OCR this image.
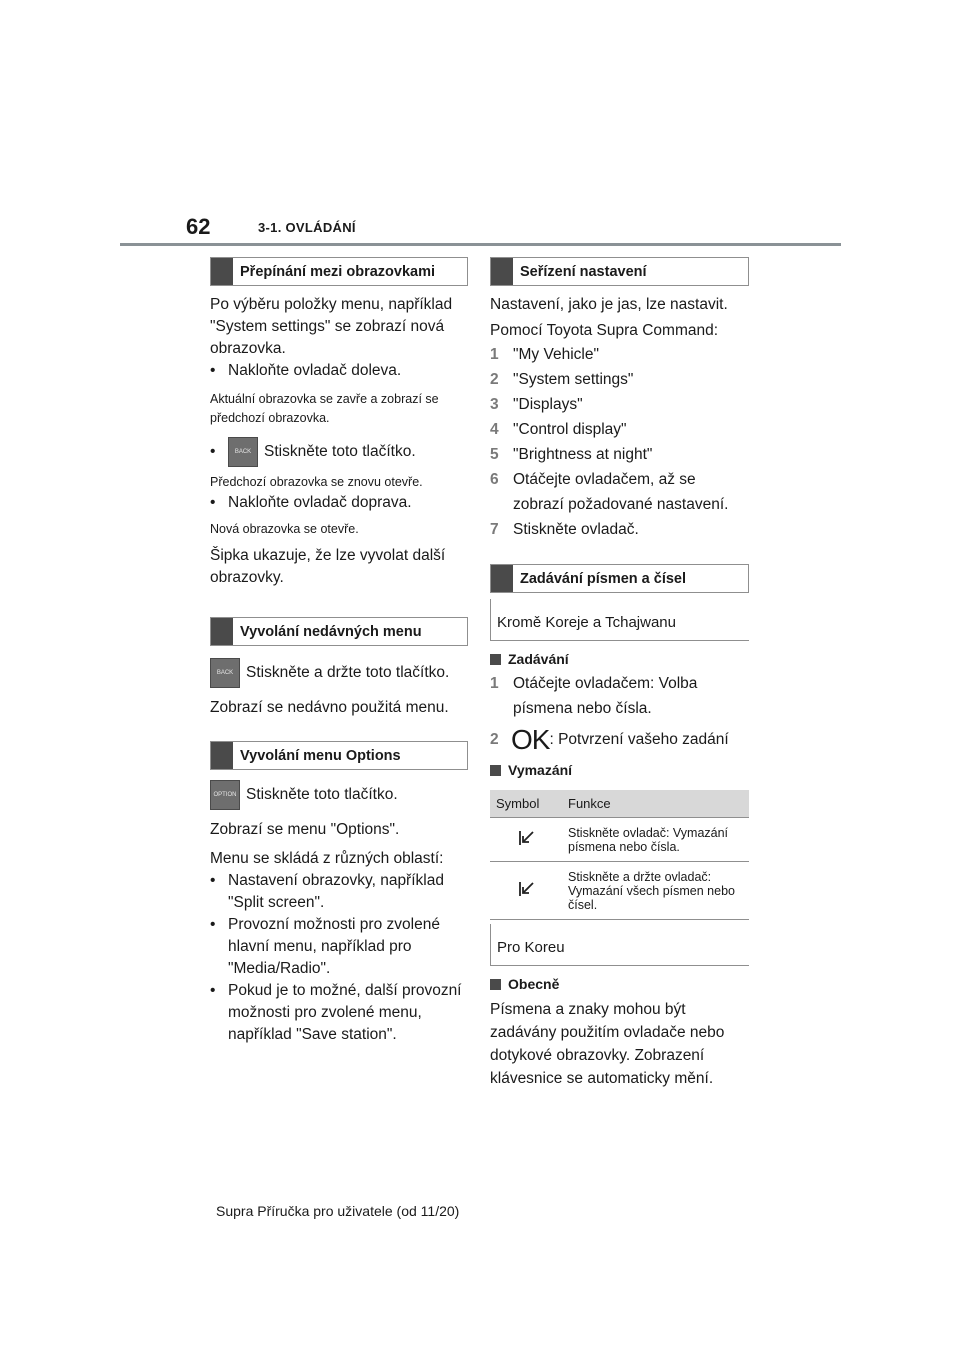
62	3-1. OVLÁDÁNÍ
Přepínání mezi obrazovkami

Po výběru položky menu, například "System settings" se zobrazí nová obrazovka.

• Nakloňte ovladač doleva.

Aktuální obrazovka se zavře a zobrazí se předchozí obrazovka.

•	BACK Stiskněte toto tlačítko.

Předchozí obrazovka se znovu otevře.

• Nakloňte ovladač doprava.

Nová obrazovka se otevře.

Šipka ukazuje, že lze vyvolat další obrazovky.

Vyvolání nedávných menu
BACK Stiskněte a držte toto tlačítko.

Zobrazí se nedávno použitá menu.

Vyvolání menu Options
OPTION Stiskněte toto tlačítko.

Zobrazí se menu "Options".

Menu se skládá z různých oblastí:

• Nastavení obrazovky, například "Split screen".
• Provozní možnosti pro zvolené hlavní menu, například pro "Media/Radio".
• Pokud je to možné, další provozní možnosti pro zvolené menu, například "Save station".
Seřízení nastavení

Nastavení, jako je jas, lze nastavit.

Pomocí Toyota Supra Command:

1 "My Vehicle"
2 "System settings"
3 "Displays"
4 "Control display"
5 "Brightness at night"
6 Otáčejte ovladačem, až se zobrazí požadované nastavení.
7 Stiskněte ovladač.
Zadávání písmen a čísel
Kromě Koreje a Tchajwanu
Zadávání
1 Otáčejte ovladačem: Volba písmena nebo čísla.
2 OK : Potvrzení vašeho zadání
Vymazání
Symbol	Funkce
	Stiskněte ovladač: Vymazání písmena nebo čísla.
	Stiskněte a držte ovladač: Vymazání všech písmen nebo čísel.
Pro Koreu
Obecně

Písmena a znaky mohou být zadávány použitím ovladače nebo dotykové obrazovky. Zobrazení klávesnice se automaticky mění.

Supra Příručka pro uživatele (od 11/20)
